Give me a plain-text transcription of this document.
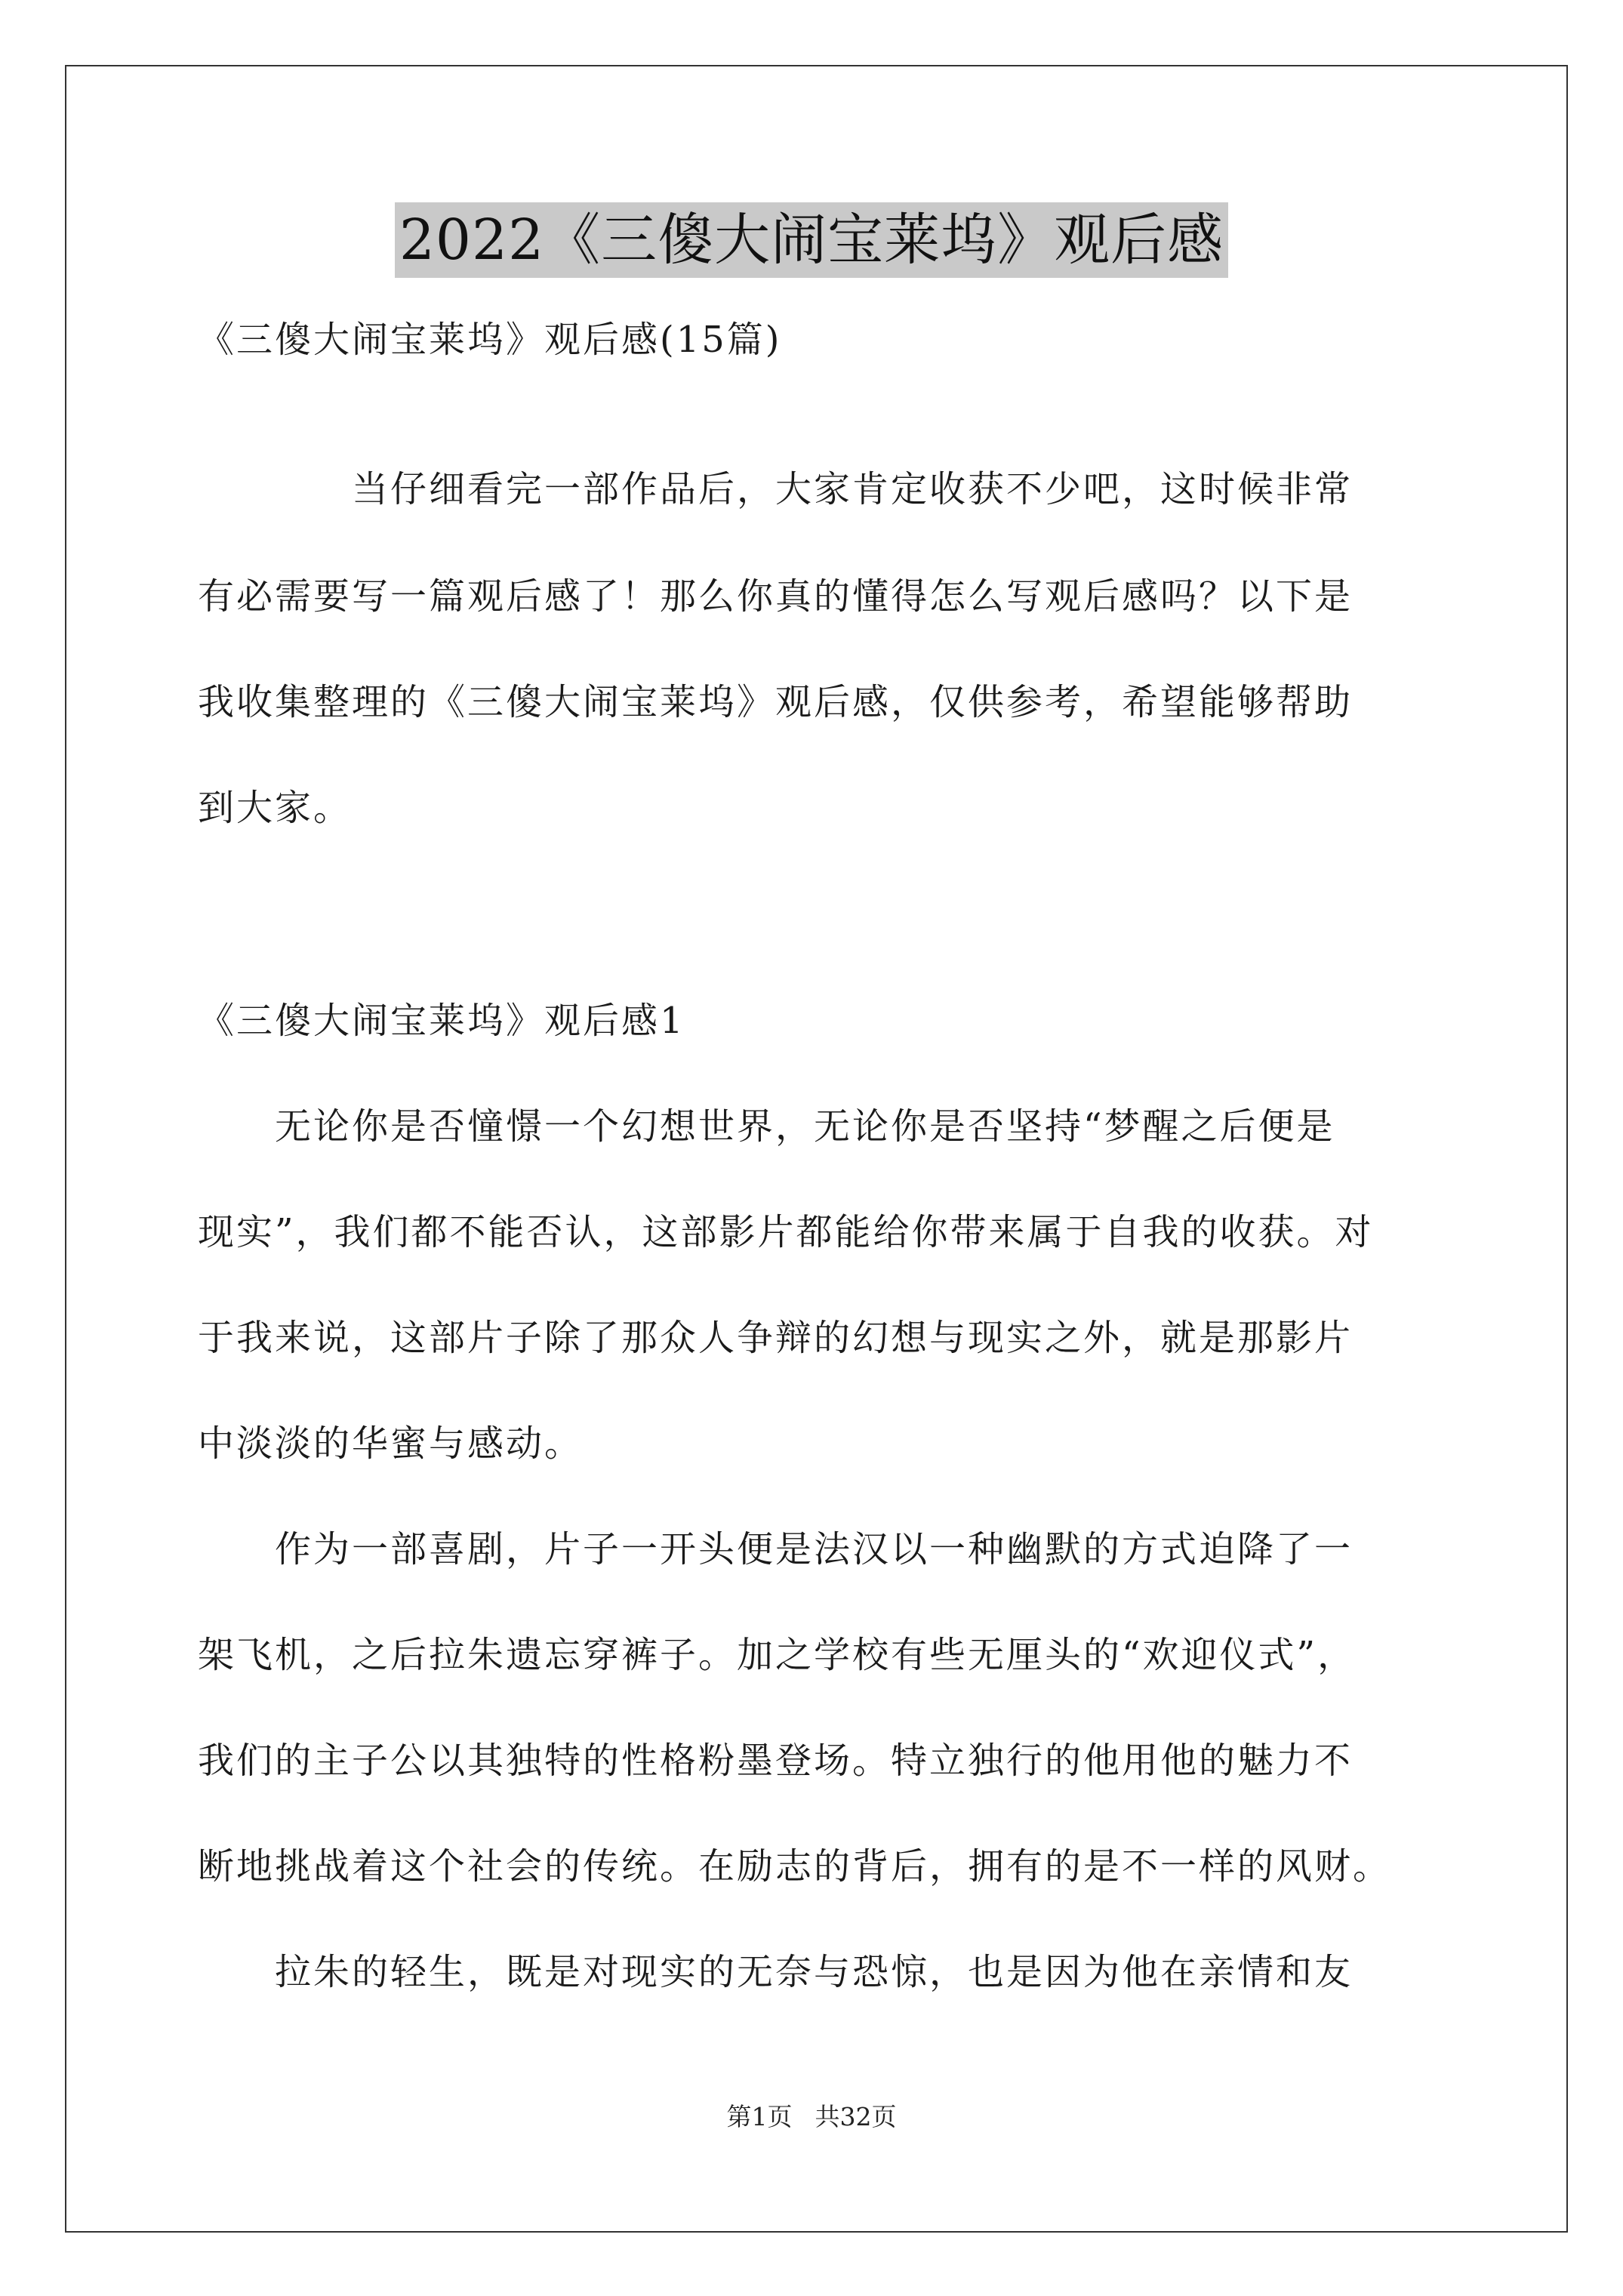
2022《三傻大闹宝莱坞》观后感
《三傻大闹宝莱坞》观后感(15篇)
　　　　当仔细看完一部作品后，大家肯定收获不少吧，这时候非常
有必需要写一篇观后感了！那么你真的懂得怎么写观后感吗？以下是
我收集整理的《三傻大闹宝莱坞》观后感，仅供参考，希望能够帮助
到大家。
《三傻大闹宝莱坞》观后感1
　　无论你是否憧憬一个幻想世界，无论你是否坚持“梦醒之后便是
现实”，我们都不能否认，这部影片都能给你带来属于自我的收获。对
于我来说，这部片子除了那众人争辩的幻想与现实之外，就是那影片
中淡淡的华蜜与感动。
　　作为一部喜剧，片子一开头便是法汉以一种幽默的方式迫降了一
架飞机，之后拉朱遗忘穿裤子。加之学校有些无厘头的“欢迎仪式”，
我们的主子公以其独特的性格粉墨登场。特立独行的他用他的魅力不
断地挑战着这个社会的传统。在励志的背后，拥有的是不一样的风财。
　　拉朱的轻生，既是对现实的无奈与恐惊，也是因为他在亲情和友
第1页 共32页
